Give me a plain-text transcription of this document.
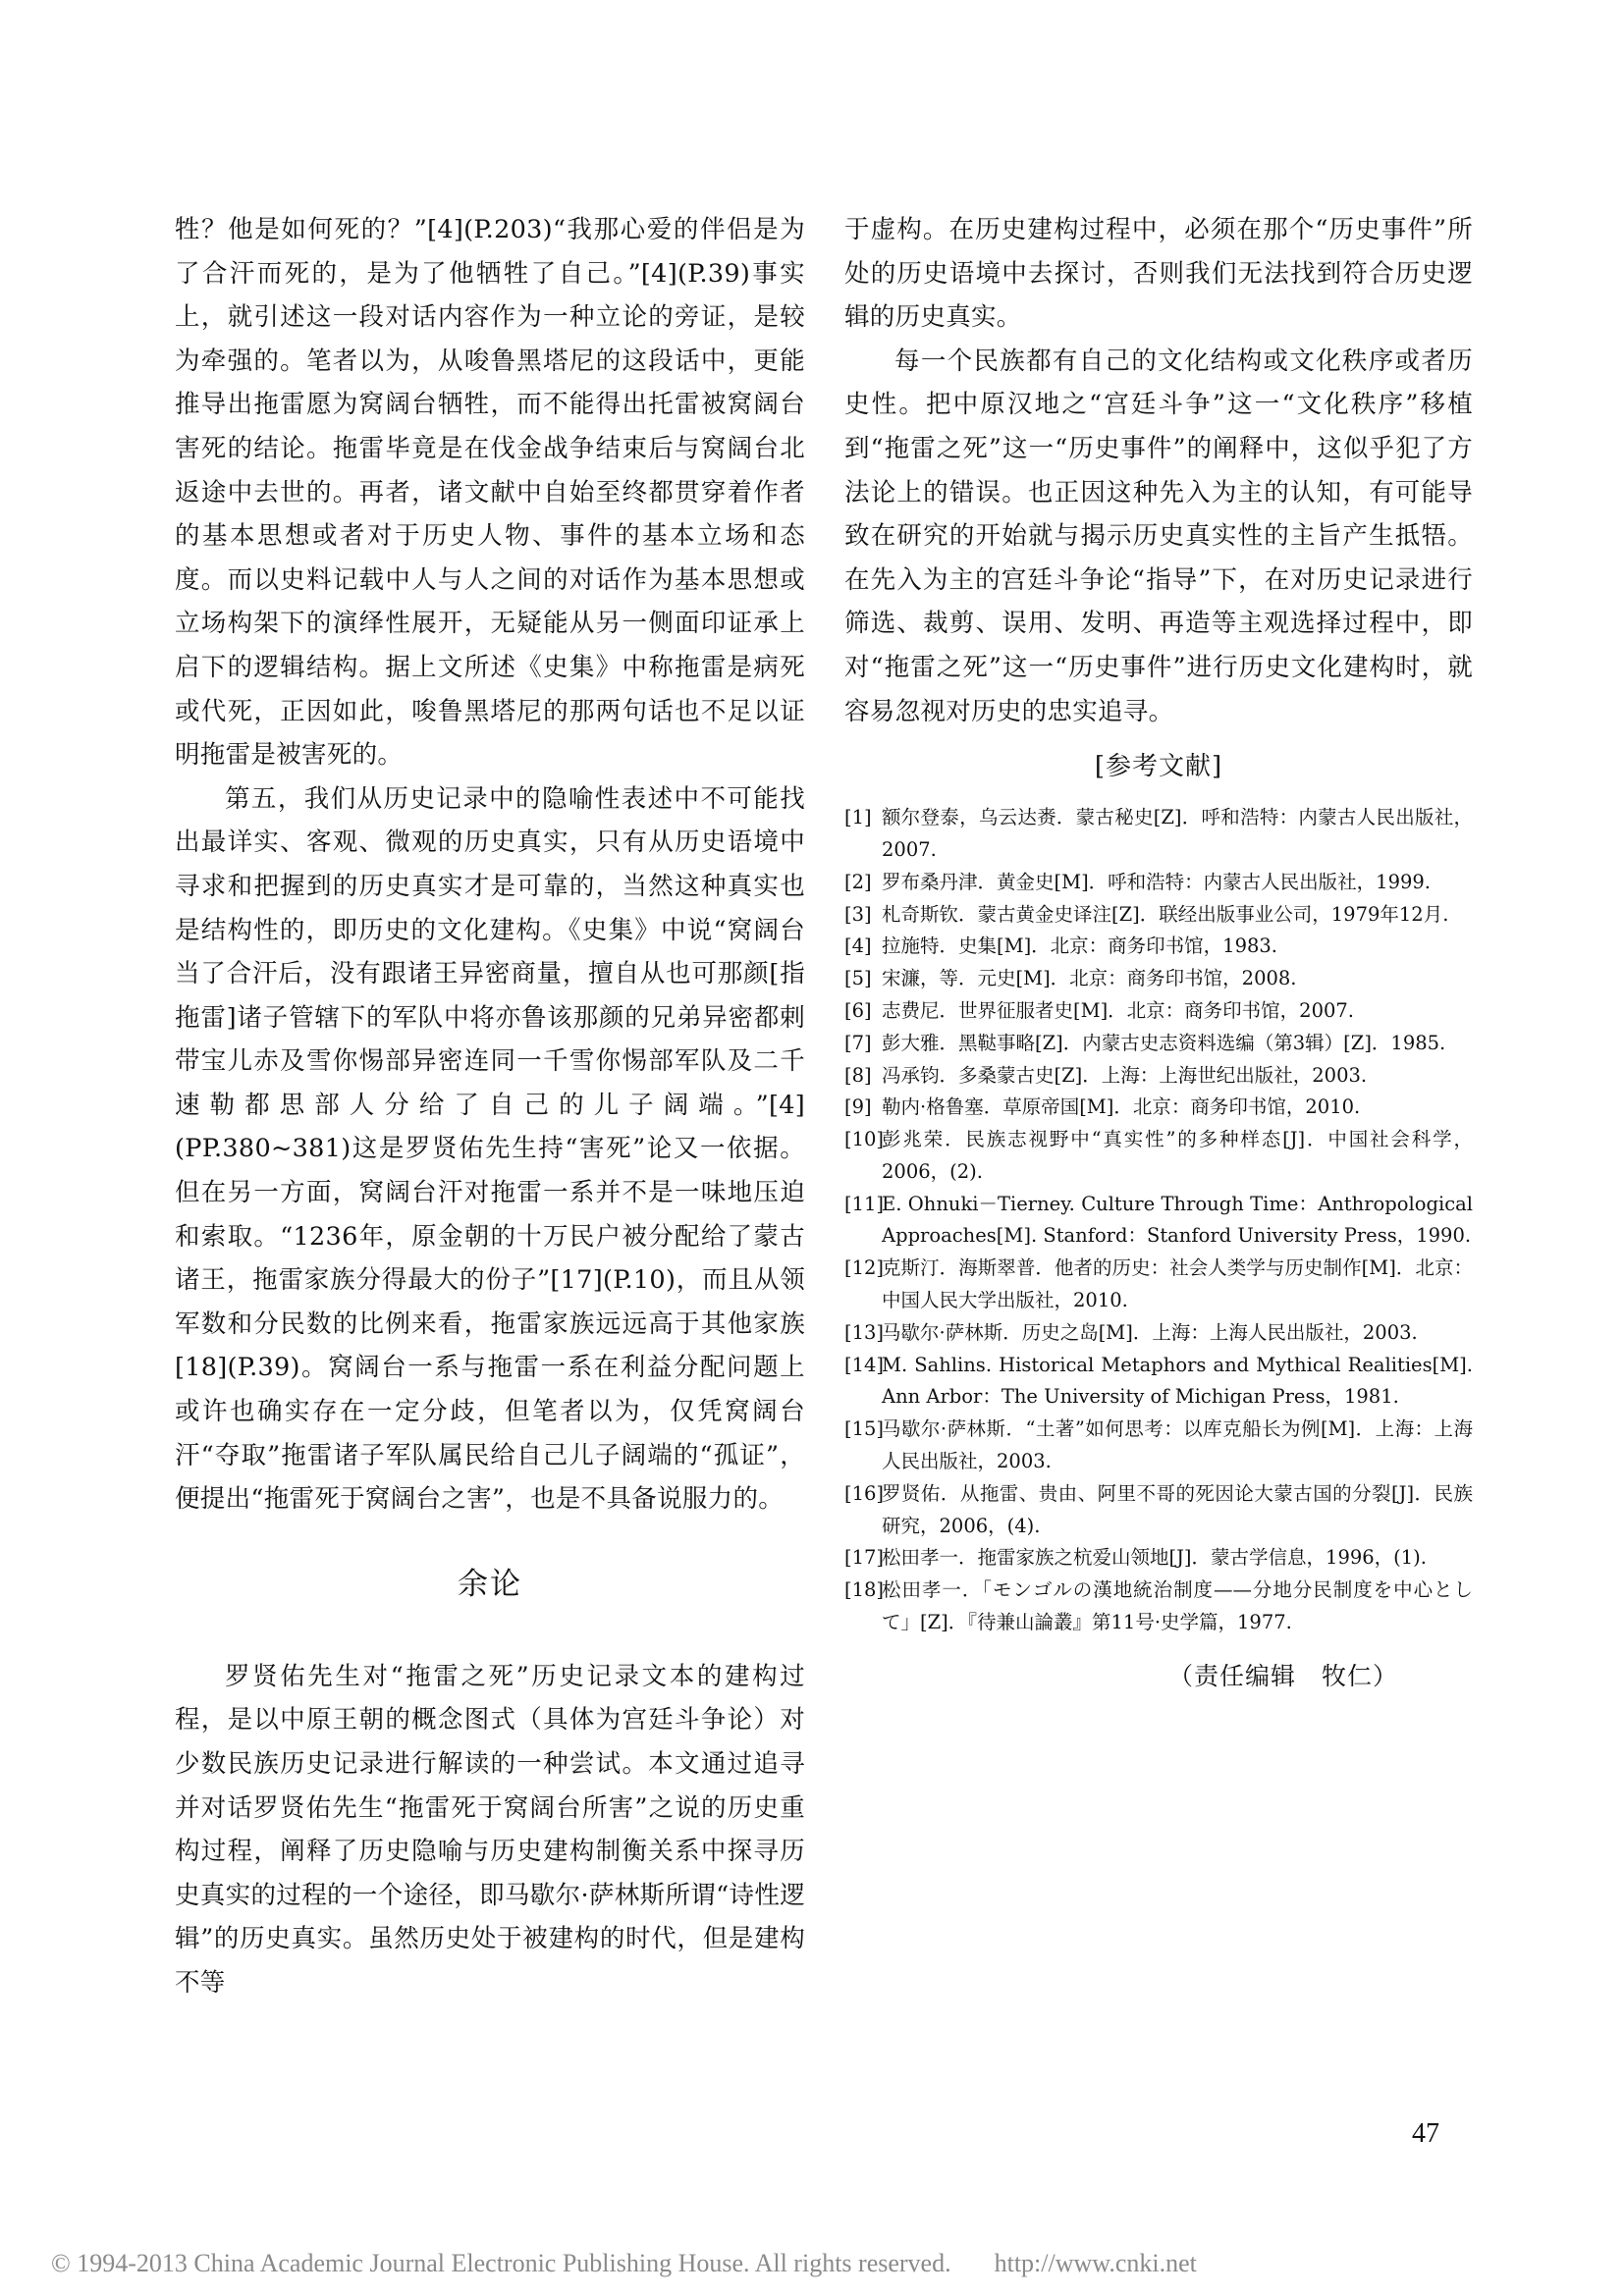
牲？他是如何死的？”[4](P.203)“我那心爱的伴侣是为了合汗而死的，是为了他牺牲了自己。”[4](P.39)事实上，就引述这一段对话内容作为一种立论的旁证，是较为牵强的。笔者以为，从唆鲁黑塔尼的这段话中，更能推导出拖雷愿为窝阔台牺牲，而不能得出托雷被窝阔台害死的结论。拖雷毕竟是在伐金战争结束后与窝阔台北返途中去世的。再者，诸文献中自始至终都贯穿着作者的基本思想或者对于历史人物、事件的基本立场和态度。而以史料记载中人与人之间的对话作为基本思想或立场构架下的演绎性展开，无疑能从另一侧面印证承上启下的逻辑结构。据上文所述《史集》中称拖雷是病死或代死，正因如此，唆鲁黑塔尼的那两句话也不足以证明拖雷是被害死的。

第五，我们从历史记录中的隐喻性表述中不可能找出最详实、客观、微观的历史真实，只有从历史语境中寻求和把握到的历史真实才是可靠的，当然这种真实也是结构性的，即历史的文化建构。《史集》中说“窝阔台当了合汗后，没有跟诸王异密商量，擅自从也可那颜[指拖雷]诸子管辖下的军队中将亦鲁该那颜的兄弟异密都剌带宝儿赤及雪你惕部异密连同一千雪你惕部军队及二千速勒都思部人分给了自己的儿子阔端。”[4](PP.380~381)这是罗贤佑先生持“害死”论又一依据。但在另一方面，窝阔台汗对拖雷一系并不是一味地压迫和索取。“1236年，原金朝的十万民户被分配给了蒙古诸王，拖雷家族分得最大的份子”[17](P.10)，而且从领军数和分民数的比例来看，拖雷家族远远高于其他家族[18](P.39)。窝阔台一系与拖雷一系在利益分配问题上或许也确实存在一定分歧，但笔者以为，仅凭窝阔台汗“夺取”拖雷诸子军队属民给自己儿子阔端的“孤证”，便提出“拖雷死于窝阔台之害”，也是不具备说服力的。

余论

罗贤佑先生对“拖雷之死”历史记录文本的建构过程，是以中原王朝的概念图式（具体为宫廷斗争论）对少数民族历史记录进行解读的一种尝试。本文通过追寻并对话罗贤佑先生“拖雷死于窝阔台所害”之说的历史重构过程，阐释了历史隐喻与历史建构制衡关系中探寻历史真实的过程的一个途径，即马歇尔·萨林斯所谓“诗性逻辑”的历史真实。虽然历史处于被建构的时代，但是建构不等

于虚构。在历史建构过程中，必须在那个“历史事件”所处的历史语境中去探讨，否则我们无法找到符合历史逻辑的历史真实。

每一个民族都有自己的文化结构或文化秩序或者历史性。把中原汉地之“宫廷斗争”这一“文化秩序”移植到“拖雷之死”这一“历史事件”的阐释中，这似乎犯了方法论上的错误。也正因这种先入为主的认知，有可能导致在研究的开始就与揭示历史真实性的主旨产生抵牾。在先入为主的宫廷斗争论“指导”下，在对历史记录进行筛选、裁剪、误用、发明、再造等主观选择过程中，即对“拖雷之死”这一“历史事件”进行历史文化建构时，就容易忽视对历史的忠实追寻。

[参考文献]
[1] 额尔登泰，乌云达赉．蒙古秘史[Z]．呼和浩特：内蒙古人民出版社，2007.
[2] 罗布桑丹津．黄金史[M]．呼和浩特：内蒙古人民出版社，1999.
[3] 札奇斯钦．蒙古黄金史译注[Z]．联经出版事业公司，1979年12月.
[4] 拉施特．史集[M]．北京：商务印书馆，1983.
[5] 宋濂，等．元史[M]．北京：商务印书馆，2008.
[6] 志费尼．世界征服者史[M]．北京：商务印书馆，2007.
[7] 彭大雅．黑鞑事略[Z]．内蒙古史志资料选编（第3辑）[Z]．1985.
[8] 冯承钧．多桑蒙古史[Z]．上海：上海世纪出版社，2003.
[9] 勒内·格鲁塞．草原帝国[M]．北京：商务印书馆，2010.
[10]
彭兆荣．民族志视野中“真实性”的多种样态[J]．中国社会科学，2006，(2).
[11]
E. Ohnuki－Tierney. Culture Through Time：Anthropological Approaches[M]. Stanford：Stanford University Press，1990.
[12]
克斯汀．海斯翠普．他者的历史：社会人类学与历史制作[M]．北京：中国人民大学出版社，2010.
[13]
马歇尔·萨林斯．历史之岛[M]．上海：上海人民出版社，2003.
[14]
M. Sahlins. Historical Metaphors and Mythical Realities[M]. Ann Arbor：The University of Michigan Press，1981.
[15]
马歇尔·萨林斯．“土著”如何思考：以库克船长为例[M]．上海：上海人民出版社，2003.
[16]
罗贤佑．从拖雷、贵由、阿里不哥的死因论大蒙古国的分裂[J]．民族研究，2006，(4).
[17]
松田孝一．拖雷家族之杭爱山领地[J]．蒙古学信息，1996，(1).
[18]
松田孝一．「モンゴルの漢地統治制度——分地分民制度を中心として」[Z]．『待兼山論叢』第11号·史学篇，1977.
（责任编辑　牧仁）
47
© 1994-2013 China Academic Journal Electronic Publishing House. All rights reserved. http://www.cnki.net
